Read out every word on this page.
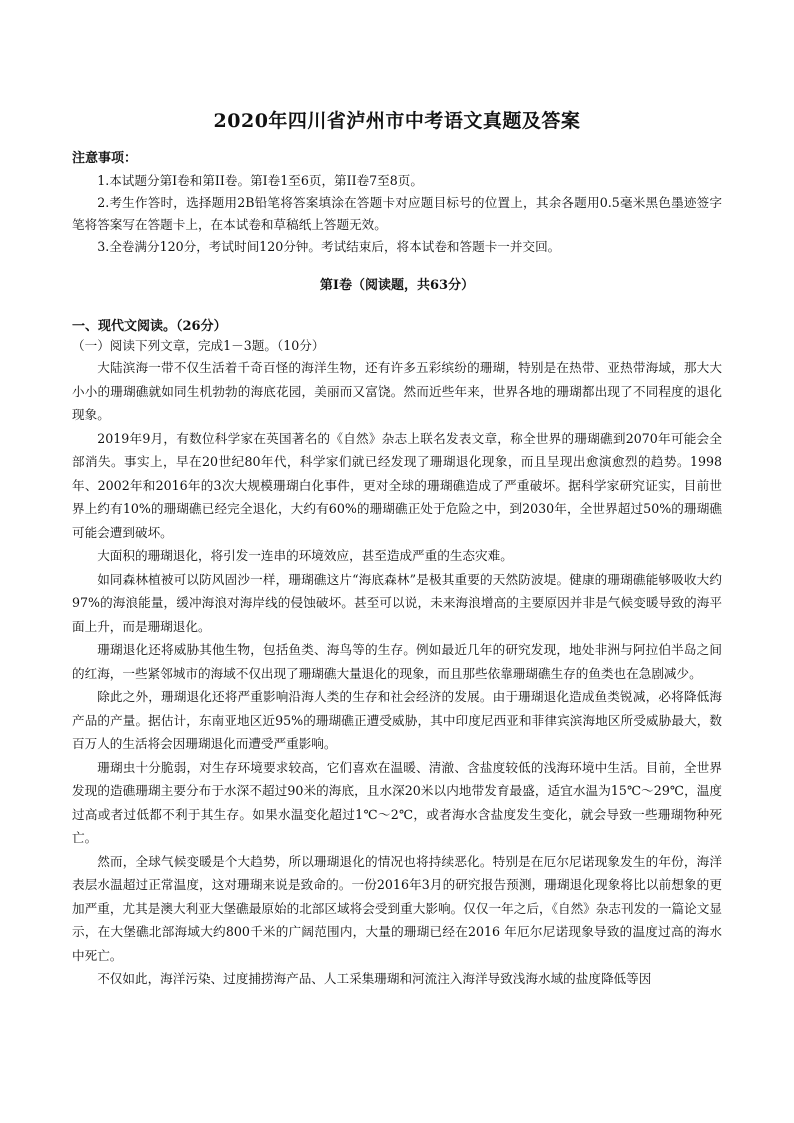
2020年四川省泸州市中考语文真题及答案
注意事项：

1.本试题分第Ⅰ卷和第II卷。第Ⅰ卷1至6页，第II卷7至8页。

2.考生作答时，选择题用2B铅笔将答案填涂在答题卡对应题目标号的位置上，其余各题用0.5毫米黑色墨迹签字笔将答案写在答题卡上，在本试卷和草稿纸上答题无效。

3.全卷满分120分，考试时间120分钟。考试结束后，将本试卷和答题卡一并交回。

第Ⅰ卷（阅读题，共63分）
一、现代文阅读。（26分）
（一）阅读下列文章，完成1－3题。（10分）

大陆滨海一带不仅生活着千奇百怪的海洋生物，还有许多五彩缤纷的珊瑚，特别是在热带、亚热带海域，那大大小小的珊瑚礁就如同生机勃勃的海底花园，美丽而又富饶。然而近些年来，世界各地的珊瑚都出现了不同程度的退化现象。

2019年9月，有数位科学家在英国著名的《自然》杂志上联名发表文章，称全世界的珊瑚礁到2070年可能会全部消失。事实上，早在20世纪80年代，科学家们就已经发现了珊瑚退化现象，而且呈现出愈演愈烈的趋势。1998年、2002年和2016年的3次大规模珊瑚白化事件，更对全球的珊瑚礁造成了严重破坏。据科学家研究证实，目前世界上约有10%的珊瑚礁已经完全退化，大约有60%的珊瑚礁正处于危险之中，到2030年，全世界超过50%的珊瑚礁可能会遭到破坏。

大面积的珊瑚退化，将引发一连串的环境效应，甚至造成严重的生态灾难。

如同森林植被可以防风固沙一样，珊瑚礁这片“海底森林”是极其重要的天然防波堤。健康的珊瑚礁能够吸收大约97%的海浪能量，缓冲海浪对海岸线的侵蚀破坏。甚至可以说，未来海浪增高的主要原因并非是气候变暖导致的海平面上升，而是珊瑚退化。

珊瑚退化还将威胁其他生物，包括鱼类、海鸟等的生存。例如最近几年的研究发现，地处非洲与阿拉伯半岛之间的红海，一些紧邻城市的海域不仅出现了珊瑚礁大量退化的现象，而且那些依靠珊瑚礁生存的鱼类也在急剧减少。

除此之外，珊瑚退化还将严重影响沿海人类的生存和社会经济的发展。由于珊瑚退化造成鱼类锐减，必将降低海产品的产量。据估计，东南亚地区近95%的珊瑚礁正遭受威胁，其中印度尼西亚和菲律宾滨海地区所受威胁最大，数百万人的生活将会因珊瑚退化而遭受严重影响。

珊瑚虫十分脆弱，对生存环境要求较高，它们喜欢在温暖、清澈、含盐度较低的浅海环境中生活。目前，全世界发现的造礁珊瑚主要分布于水深不超过90米的海底，且水深20米以内地带发育最盛，适宜水温为15℃～29℃，温度过高或者过低都不利于其生存。如果水温变化超过1℃～2℃，或者海水含盐度发生变化，就会导致一些珊瑚物种死亡。

然而，全球气候变暖是个大趋势，所以珊瑚退化的情况也将持续恶化。特别是在厄尔尼诺现象发生的年份，海洋表层水温超过正常温度，这对珊瑚来说是致命的。一份2016年3月的研究报告预测，珊瑚退化现象将比以前想象的更加严重，尤其是澳大利亚大堡礁最原始的北部区域将会受到重大影响。仅仅一年之后，《自然》杂志刊发的一篇论文显示，在大堡礁北部海域大约800千米的广阔范围内，大量的珊瑚已经在2016 年厄尔尼诺现象导致的温度过高的海水中死亡。

不仅如此，海洋污染、过度捕捞海产品、人工采集珊瑚和河流注入海洋导致浅海水域的盐度降低等因
